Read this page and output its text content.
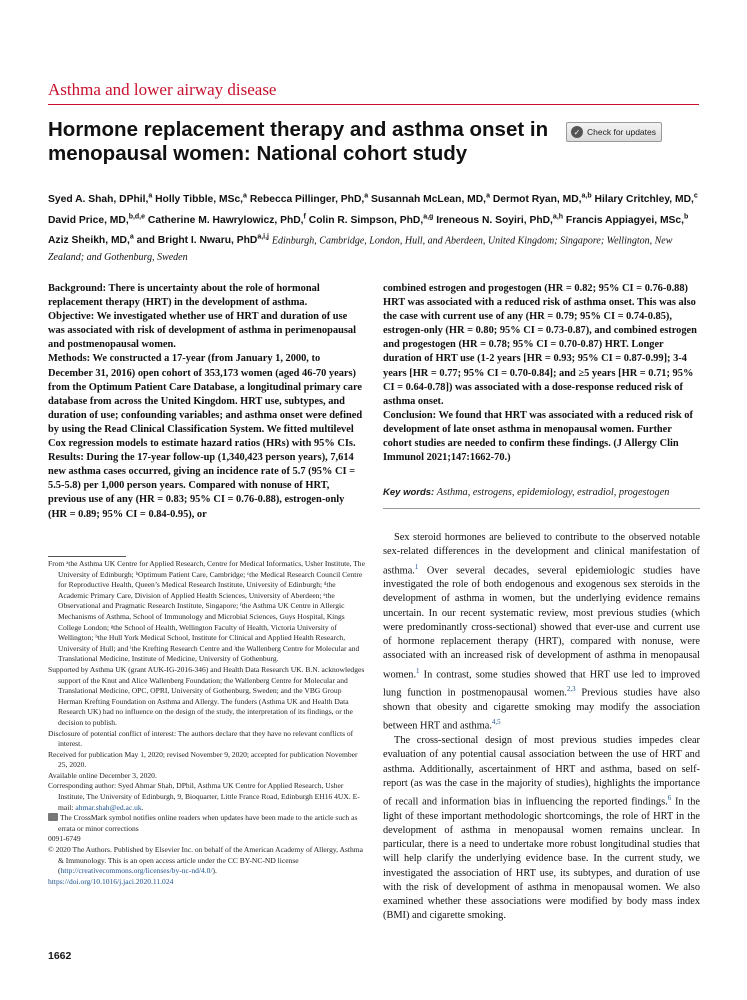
Asthma and lower airway disease
Hormone replacement therapy and asthma onset in menopausal women: National cohort study
✓ Check for updates
Syed A. Shah, DPhil,$^a$ Holly Tibble, MSc,$^a$ Rebecca Pillinger, PhD,$^a$ Susannah McLean, MD,$^a$ Dermot Ryan, MD,$^{a,b}$ Hilary Critchley, MD,$^c$ David Price, MD,$^{b,d,e}$ Catherine M. Hawrylowicz, PhD,$^f$ Colin R. Simpson, PhD,$^{a,g}$ Ireneous N. Soyiri, PhD,$^{a,h}$ Francis Appiagyei, MSc,$^b$ Aziz Sheikh, MD,$^a$ and Bright I. Nwaru, PhD$^{a,i,j}$ Edinburgh, Cambridge, London, Hull, and Aberdeen, United Kingdom; Singapore; Wellington, New Zealand; and Gothenburg, Sweden

Background: There is uncertainty about the role of hormonal replacement therapy (HRT) in the development of asthma.

Objective: We investigated whether use of HRT and duration of use was associated with risk of development of asthma in perimenopausal and postmenopausal women.

Methods: We constructed a 17-year (from January 1, 2000, to December 31, 2016) open cohort of 353,173 women (aged 46-70 years) from the Optimum Patient Care Database, a longitudinal primary care database from across the United Kingdom. HRT use, subtypes, and duration of use; confounding variables; and asthma onset were defined by using the Read Clinical Classification System. We fitted multilevel Cox regression models to estimate hazard ratios (HRs) with 95% CIs.

Results: During the 17-year follow-up (1,340,423 person years), 7,614 new asthma cases occurred, giving an incidence rate of 5.7 (95% CI = 5.5-5.8) per 1,000 person years. Compared with nonuse of HRT, previous use of any (HR = 0.83; 95% CI = 0.76-0.88), estrogen-only (HR = 0.89; 95% CI = 0.84-0.95), or

combined estrogen and progestogen (HR = 0.82; 95% CI = 0.76-0.88) HRT was associated with a reduced risk of asthma onset. This was also the case with current use of any (HR = 0.79; 95% CI = 0.74-0.85), estrogen-only (HR = 0.80; 95% CI = 0.73-0.87), and combined estrogen and progestogen (HR = 0.78; 95% CI = 0.70-0.87) HRT. Longer duration of HRT use (1-2 years [HR = 0.93; 95% CI = 0.87-0.99]; 3-4 years [HR = 0.77; 95% CI = 0.70-0.84]; and ≥5 years [HR = 0.71; 95% CI = 0.64-0.78]) was associated with a dose-response reduced risk of asthma onset.

Conclusion: We found that HRT was associated with a reduced risk of development of late onset asthma in menopausal women. Further cohort studies are needed to confirm these findings. (J Allergy Clin Immunol 2021;147:1662-70.)

Key words: Asthma, estrogens, epidemiology, estradiol, progestogen

From ᵃthe Asthma UK Centre for Applied Research, Centre for Medical Informatics, Usher Institute, The University of Edinburgh; ᵇOptimum Patient Care, Cambridge; ᶜthe Medical Research Council Centre for Reproductive Health, Queen’s Medical Research Institute, University of Edinburgh; ᵈthe Academic Primary Care, Division of Applied Health Sciences, University of Aberdeen; ᵉthe Observational and Pragmatic Research Institute, Singapore; ᶠthe Asthma UK Centre in Allergic Mechanisms of Asthma, School of Immunology and Microbial Sciences, Guys Hospital, Kings College London; ᵍthe School of Health, Wellington Faculty of Health, Victoria University of Wellington; ʰthe Hull York Medical School, Institute for Clinical and Applied Health Research, University of Hull; and ⁱthe Krefting Research Centre and ʲthe Wallenberg Centre for Molecular and Translational Medicine, Institute of Medicine, University of Gothenburg.

Supported by Asthma UK (grant AUK-IG-2016-346) and Health Data Research UK. B.N. acknowledges support of the Knut and Alice Wallenberg Foundation; the Wallenberg Centre for Molecular and Translational Medicine, OPC, OPRI, University of Gothenburg, Sweden; and the VBG Group Herman Krefting Foundation on Asthma and Allergy. The funders (Asthma UK and Health Data Research UK) had no influence on the design of the study, the interpretation of its findings, or the decision to publish.

Disclosure of potential conflict of interest: The authors declare that they have no relevant conflicts of interest.

Received for publication May 1, 2020; revised November 9, 2020; accepted for publication November 25, 2020.

Available online December 3, 2020.

Corresponding author: Syed Ahmar Shah, DPhil, Asthma UK Centre for Applied Research, Usher Institute, The University of Edinburgh, 9, Bioquarter, Little France Road, Edinburgh EH16 4UX. E-mail: ahmar.shah@ed.ac.uk.

The CrossMark symbol notifies online readers when updates have been made to the article such as errata or minor corrections

0091-6749

© 2020 The Authors. Published by Elsevier Inc. on behalf of the American Academy of Allergy, Asthma & Immunology. This is an open access article under the CC BY-NC-ND license (http://creativecommons.org/licenses/by-nc-nd/4.0/).

https://doi.org/10.1016/j.jaci.2020.11.024

Sex steroid hormones are believed to contribute to the observed notable sex-related differences in the development and clinical manifestation of asthma.$^1$ Over several decades, several epidemiologic studies have investigated the role of both endogenous and exogenous sex steroids in the development of asthma in women, but the underlying evidence remains uncertain. In our recent systematic review, most previous studies (which were predominantly cross-sectional) showed that ever-use and current use of hormone replacement therapy (HRT), compared with nonuse, were associated with an increased risk of development of asthma in menopausal women.$^1$ In contrast, some studies showed that HRT use led to improved lung function in postmenopausal women.$^{2,3}$ Previous studies have also shown that obesity and cigarette smoking may modify the association between HRT and asthma.$^{4,5}$

The cross-sectional design of most previous studies impedes clear evaluation of any potential causal association between the use of HRT and asthma. Additionally, ascertainment of HRT and asthma, based on self-report (as was the case in the majority of studies), highlights the importance of recall and information bias in influencing the reported findings.$^6$ In the light of these important methodologic shortcomings, the role of HRT in the development of asthma in menopausal women remains unclear. In particular, there is a need to undertake more robust longitudinal studies that will help clarify the underlying evidence base. In the current study, we investigated the association of HRT use, its subtypes, and duration of use with the risk of development of asthma in menopausal women. We also examined whether these associations were modified by body mass index (BMI) and cigarette smoking.

1662
